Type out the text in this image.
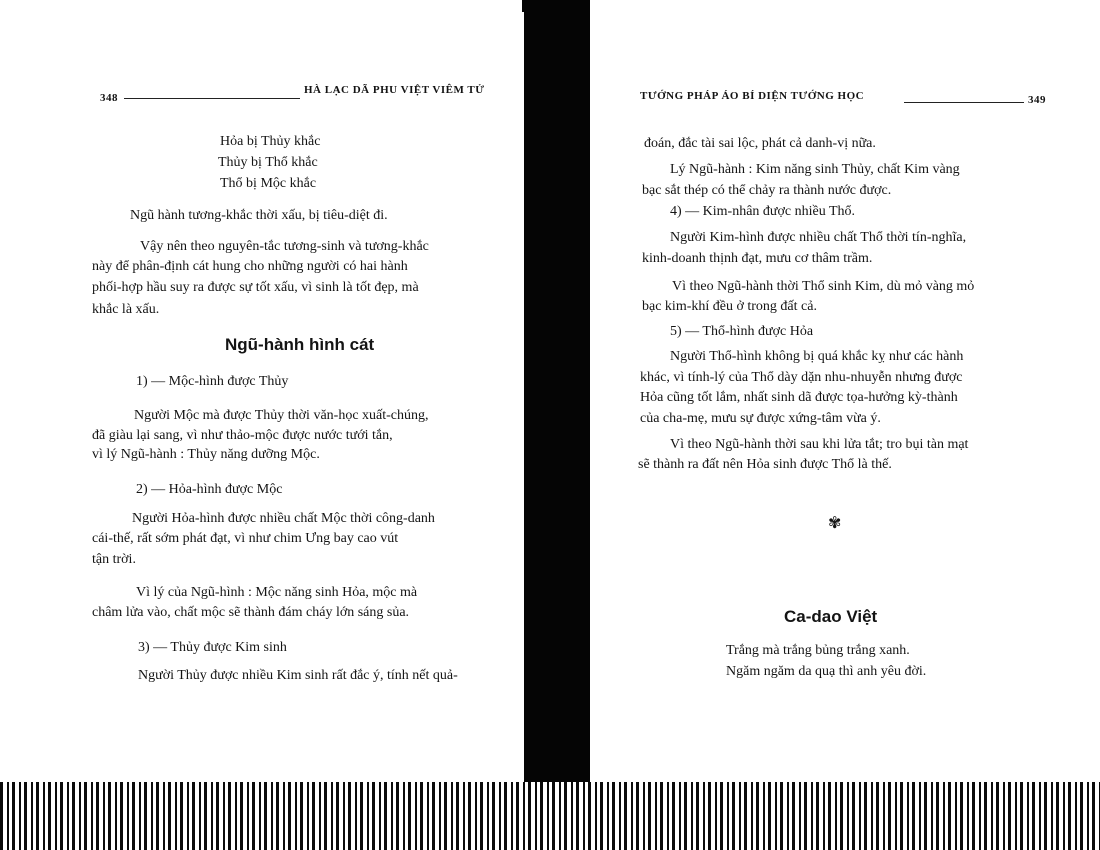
348
HÀ LẠC DÃ PHU VIỆT VIÊM TỬ
Hỏa bị Thủy khắc
Thủy bị Thổ khắc
Thổ bị Mộc khắc
Ngũ hành tương-khắc thời xấu, bị tiêu-diệt đi.
Vậy nên theo nguyên-tắc tương-sinh và tương-khắc
này để phân-định cát hung cho những người có hai hành
phối-hợp hầu suy ra được sự tốt xấu, vì sinh là tốt đẹp, mà
khắc là xấu.
Ngũ-hành hình cát
1) — Mộc-hình được Thủy
Người Mộc mà được Thủy thời văn-học xuất-chúng,
đã giàu lại sang, vì như thảo-mộc được nước tưới tắn,
vì lý Ngũ-hành : Thủy năng dưỡng Mộc.
2) — Hỏa-hình được Mộc
Người Hỏa-hình được nhiều chất Mộc thời công-danh
cái-thế, rất sớm phát đạt, vì như chim Ưng bay cao vút
tận trời.
Vì lý của Ngũ-hình : Mộc năng sinh Hỏa, mộc mà
châm lửa vào, chất mộc sẽ thành đám cháy lớn sáng sủa.
3) — Thủy được Kim sinh
Người Thủy được nhiều Kim sinh rất đắc ý, tính nết quả-
TƯỚNG PHÁP ÁO BÍ DIỆN TƯỚNG HỌC	349
đoán, đắc tài sai lộc, phát cả danh-vị nữa.
Lý Ngũ-hành : Kim năng sinh Thủy, chất Kim vàng
bạc sắt thép có thể chảy ra thành nước được.
4) — Kim-nhân được nhiều Thổ.
Người Kim-hình được nhiều chất Thổ thời tín-nghĩa,
kinh-doanh thịnh đạt, mưu cơ thâm trầm.
Vì theo Ngũ-hành thời Thổ sinh Kim, dù mỏ vàng mỏ
bạc kim-khí đều ở trong đất cả.
5) — Thổ-hình được Hỏa
Người Thổ-hình không bị quá khắc kỵ như các hành
khác, vì tính-lý của Thổ dày dặn nhu-nhuyễn nhưng được
Hỏa cũng tốt lắm, nhất sinh dã được tọa-hưởng kỳ-thành
của cha-mẹ, mưu sự được xứng-tâm vừa ý.
Vì theo Ngũ-hành thời sau khi lửa tắt; tro bụi tàn mạt
sẽ thành ra đất nên Hỏa sinh được Thổ là thế.
✾
Ca-dao Việt
Trắng mà trắng bủng trắng xanh.
Ngăm ngăm da quạ thì anh yêu đời.
